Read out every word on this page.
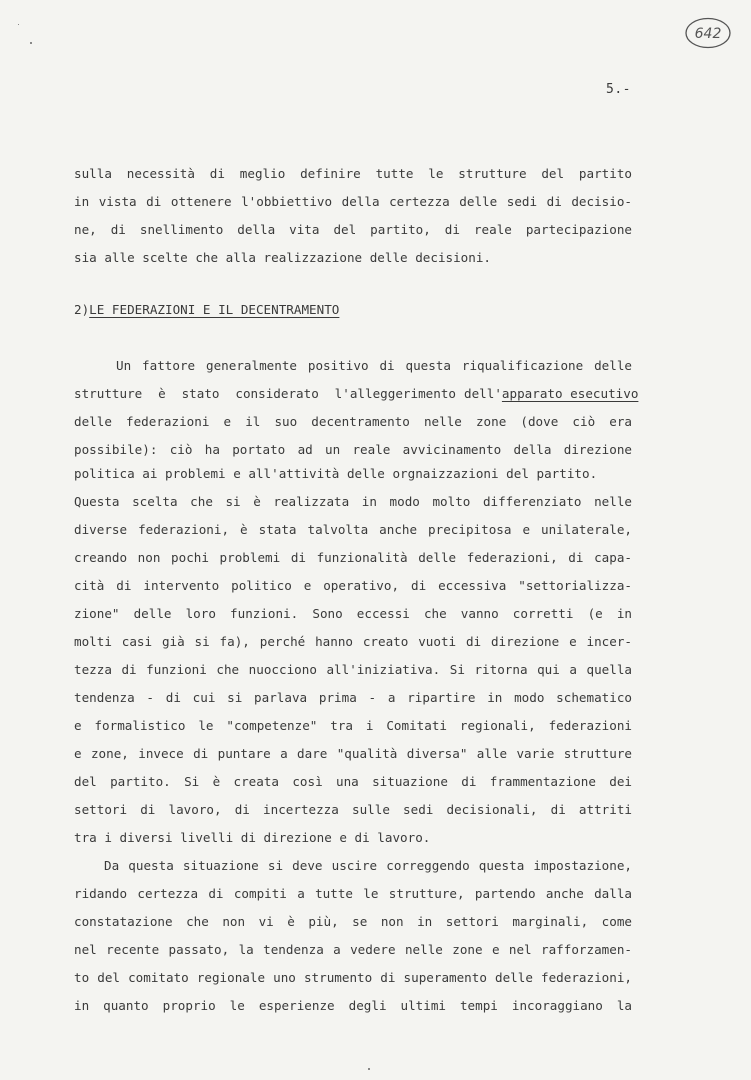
642
5.-
sulla necessità di meglio definire tutte le strutture del partito
in vista di ottenere l'obbiettivo della certezza delle sedi di decisio-
ne, di snellimento della vita del partito, di reale partecipazione
sia alle scelte che alla realizzazione delle decisioni.
2)LE FEDERAZIONI E IL DECENTRAMENTO
Un fattore generalmente positivo di questa riqualificazione delle
strutture è stato considerato l'alleggerimento dell'apparato esecutivo
delle federazioni e il suo decentramento nelle zone (dove ciò era
possibile): ciò ha portato ad un reale avvicinamento della direzione
politica ai problemi e all'attività delle orgnaizzazioni del partito.
Questa scelta che si è realizzata in modo molto differenziato nelle
diverse federazioni, è stata talvolta anche precipitosa e unilaterale,
creando non pochi problemi di funzionalità delle federazioni, di capa-
cità di intervento politico e operativo, di eccessiva "settorializza-
zione" delle loro funzioni. Sono eccessi che vanno corretti (e in
molti casi già si fa), perché hanno creato vuoti di direzione e incer-
tezza di funzioni che nuocciono all'iniziativa. Si ritorna qui a quella
tendenza - di cui si parlava prima - a ripartire in modo schematico
e formalistico le "competenze" tra i Comitati regionali, federazioni
e zone, invece di puntare a dare "qualità diversa" alle varie strutture
del partito. Si è creata così una situazione di frammentazione dei
settori di lavoro, di incertezza sulle sedi decisionali, di attriti
tra i diversi livelli di direzione e di lavoro.
Da questa situazione si deve uscire correggendo questa impostazione,
ridando certezza di compiti a tutte le strutture, partendo anche dalla
constatazione che non vi è più, se non in settori marginali, come
nel recente passato, la tendenza a vedere nelle zone e nel rafforzamen-
to del comitato regionale uno strumento di superamento delle federazioni,
in quanto proprio le esperienze degli ultimi tempi incoraggiano la
